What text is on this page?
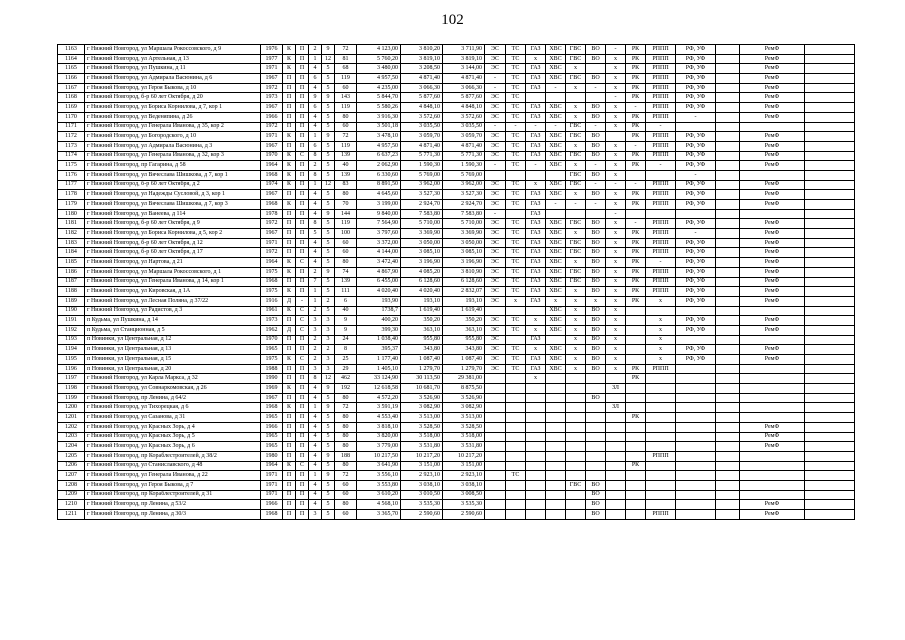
102
1163	г Нижний Новгород, ул Маршала Рокоссовского, д 9	1976	К	П	2	9	72	4 123,00	3 810,20	3 711,90	ЭС	ТС	ГАЗ	ХВС	ГВС	ВО	-	РК	РППП	РФ, УФ		РемФ	
1164	г Нижний Новгород, ул Артельная, д 13	1977	К	П	1	12	81	5 760,20	3 819,10	3 819,10	ЭС	ТС	х	ХВС	ГВС	ВО	х	РК	РППП	РФ, УФ		РемФ	
1165	г Нижний Новгород, ул Пушкина, д 11	1971	К	П	4	5	68	3 480,00	3 208,50	3 144,00	ЭС	ТС	ГАЗ	ХВС	х		х	РК	РППП	РФ, УФ		РемФ	
1166	г Нижний Новгород, ул Адмирала Васюнина, д 6	1967	П	П	6	5	119	4 957,50	4 871,40	4 871,40	-	ТС	ГАЗ	ХВС	ГВС	ВО	х	РК	РППП	РФ, УФ		РемФ	
1167	г Нижний Новгород, ул Героя Быкова, д 10	1972	П	П	4	5	60	4 235,00	3 066,30	3 066,30	-	ТС	ГАЗ	-	х	-	х	РК	РППП	РФ, УФ		РемФ	
1168	г Нижний Новгород, б-р 60 лет Октября, д 20	1973	П	П	9	9	143	5 844,70	5 877,60	5 877,60	ЭС	ТС					-	РК	РППП	РФ, УФ		РемФ	
1169	г Нижний Новгород, ул Бориса Корнилова, д 7, кор 1	1967	П	П	6	5	119	5 580,26	4 848,10	4 848,10	ЭС	ТС	ГАЗ	ХВС	х	ВО	х	-	РППП	РФ, УФ		РемФ	
1170	г Нижний Новгород, ул Веденяпина, д 26	1966	П	П	4	5	80	3 916,30	3 572,60	3 572,60	ЭС	ТС	ГАЗ	ХВС	х	ВО	х	РК	РППП	-		РемФ	
1171	г Нижний Новгород, ул Генерала Иванова, д 35, кор 2	1972	П	П	4	5	60	3 501,18	3 035,50	3 035,50	-	-	-	-	ГВС	-	х	РК	-				
1172	г Нижний Новгород, ул Богородского, д 10	1971	К	П	1	9	72	3 478,10	3 059,70	3 059,70	ЭС	ТС	ГАЗ	ХВС	ГВС	ВО		РК	РППП	РФ, УФ		РемФ	
1173	г Нижний Новгород, ул Адмирала Васюнина, д 3	1967	П	П	6	5	119	4 957,50	4 871,40	4 871,40	ЭС	ТС	ГАЗ	ХВС	х	ВО	х	-	РППП	РФ, УФ		РемФ	
1174	г Нижний Новгород, ул Генерала Иванова, д 32, кор 3	1970	К	С	8	5	139	6 637,23	5 771,30	5 771,30	ЭС	ТС	ГАЗ	ХВС	ГВС	ВО	х	РК	РППП	РФ, УФ		РемФ	
1175	г Нижний Новгород, пр Гагарина, д 58	1964	К	П	2	5	40	2 062,90	1 590,30	1 590,30	-	ТС	-	ХВС	х	-	х	РК	-	РФ, УФ		РемФ	
1176	г Нижний Новгород, ул Вячеслава Шишкова, д 7, кор 1	1968	К	П	8	5	139	6 330,60	5 769,00	5 769,00					ГВС	ВО	х			-			
1177	г Нижний Новгород, б-р 60 лет Октября, д 2	1974	К	П	1	12	83	8 891,50	3 962,00	3 962,00	ЭС	ТС	х	ХВС	ГВС	-	-	-	РППП	РФ, УФ		РемФ	
1178	г Нижний Новгород, ул Надежды Сусловой, д 3, кор 1	1967	П	П	4	5	80	4 645,60	3 527,30	3 527,30	ЭС	ТС	ГАЗ	ХВС	х	ВО	х	РК	РППП	РФ, УФ		РемФ	
1179	г Нижний Новгород, ул Вячеслава Шишкова, д 7, кор 3	1968	К	П	4	5	70	3 199,00	2 924,70	2 924,70	ЭС	ТС	ГАЗ	-	-	-	х	РК	РППП	РФ, УФ		РемФ	
1180	г Нижний Новгород, ул Ванеева, д 114	1978	П	П	4	9	144	9 840,00	7 583,80	7 583,80	-		ГАЗ				-						
1181	г Нижний Новгород, б-р 60 лет Октября, д 9	1972	П	П	8	5	119	7 564,90	5 710,00	5 710,00	ЭС	ТС	ГАЗ	ХВС	ГВС	ВО	х	-	РППП	РФ, УФ		РемФ	
1182	г Нижний Новгород, ул Бориса Корнилова, д 5, кор 2	1967	П	П	5	5	100	3 797,60	3 369,90	3 369,90	ЭС	ТС	ГАЗ	ХВС	х	ВО	х	РК	РППП	-		РемФ	
1183	г Нижний Новгород, б-р 60 лет Октября, д 12	1971	П	П	4	5	60	3 372,00	3 050,00	3 050,00	ЭС	ТС	ГАЗ	ХВС	ГВС	ВО	х	РК	РППП	РФ, УФ		РемФ	
1184	г Нижний Новгород, б-р 60 лет Октября, д 17	1972	П	П	4	5	60	4 144,00	3 085,10	3 085,10	ЭС	ТС	ГАЗ	ХВС	ГВС	ВО	х	РК	РППП	РФ, УФ		РемФ	
1185	г Нижний Новгород, ул Нартова, д 21	1964	К	С	4	5	80	3 472,40	3 196,90	3 196,90	ЭС	ТС	ГАЗ	ХВС	х	ВО	х	РК	-	РФ, УФ		РемФ	
1186	г Нижний Новгород, ул Маршала Рокоссовского, д 1	1975	К	П	2	9	74	4 867,90	4 085,20	3 810,90	ЭС	ТС	ГАЗ	ХВС	ГВС	ВО	х	РК	РППП	РФ, УФ		РемФ	
1187	г Нижний Новгород, ул Генерала Иванова, д 14, кор 1	1968	П	П	7	5	139	6 455,00	6 128,60	6 128,60	ЭС	ТС	ГАЗ	ХВС	ГВС	ВО	х	РК	РППП	РФ, УФ		РемФ	
1188	г Нижний Новгород, ул Кировская, д 1А	1975	К	П	1	5	111	4 020,40	4 020,40	2 832,07	ЭС	ТС	ГАЗ	ХВС	х	ВО	х	РК	РППП	РФ, УФ		РемФ	
1189	г Нижний Новгород, ул Лесная Поляна, д 37/22	1916	Д	-	1	2	6	193,90	193,10	193,10	ЭС	х	ГАЗ	х	х	х	х	РК	х	РФ, УФ		РемФ	
1190	г Нижний Новгород, ул Радистов, д 3	1961	К	С	2	5	40	1738,7	1 619,40	1 619,40				ХВС	х	ВО	х						
1191	п Кудьма, ул Пушкина, д 14	1973	П	С	3	3	9	400,20	350,20	350,20	ЭС	ТС	х	ХВС	х	ВО	х		х	РФ, УФ		РемФ	
1192	п Кудьма, ул Станционная, д 5	1962	Д	С	3	3	9	399,30	363,10	363,10	ЭС	ТС	х	ХВС	х	ВО	х		х	РФ, УФ		РемФ	
1193	п Новинки, ул Центральная, д 12	1970	П	П	2	3	24	1 038,40	955,80	955,80	ЭС		ГАЗ		х	ВО	х		х				
1194	п Новинки, ул Центральная, д 13	1965	П	П	2	2	8	395,37	343,80	343,80	ЭС	ТС	х	ХВС	х	ВО	х		х	РФ, УФ		РемФ	
1195	п Новинки, ул Центральная, д 15	1975	К	С	2	3	25	1 177,40	1 087,40	1 087,40	ЭС	ТС	ГАЗ	ХВС	х	ВО	х		х	РФ, УФ		РемФ	
1196	п Новинки, ул Центральная, д 20	1988	П	П	3	3	29	1 405,10	1 279,70	1 279,70	ЭС	ТС	ГАЗ	ХВС	х	ВО	х	РК	РППП				
1197	г Нижний Новгород, ул Карла Маркса, д 32	1990	П	П	8	12	462	33 124,90	30 113,50	29 381,00			х					РК					
1198	г Нижний Новгород, ул Совнаркомовская, д 26	1969	К	П	4	9	192	12 618,58	10 681,70	8 875,50							ЗЛ						
1199	г Нижний Новгород, пр Ленина, д 64/2	1967	П	П	4	5	80	4 572,20	3 526,90	3 526,90						ВО							
1200	г Нижний Новгород, ул Тихорецкая, д 6	1968	К	П	1	9	72	3 591,19	3 082,90	3 082,90							ЗЛ						
1201	г Нижний Новгород, ул Сазанова, д 31	1965	П	П	4	5	80	4 553,40	3 513,00	3 513,00								РК					
1202	г Нижний Новгород, ул Красных Зорь, д 4	1966	П	П	4	5	80	3 818,10	3 528,50	3 528,50												РемФ	
1203	г Нижний Новгород, ул Красных Зорь, д 5	1965	П	П	4	5	80	3 820,00	3 518,00	3 518,00												РемФ	
1204	г Нижний Новгород, ул Красных Зорь, д 6	1965	П	П	4	5	80	3 779,00	3 531,80	3 531,80												РемФ	
1205	г Нижний Новгород, пр Кораблестроителей, д 38/2	1980	П	П	4	9	188	10 217,50	10 217,20	10 217,20									РППП				
1206	г Нижний Новгород, ул Станиславского, д 48	1964	К	С	4	5	80	3 641,90	3 151,00	3 151,00								РК					
1207	г Нижний Новгород, ул Генерала Иванова, д 22	1971	П	П	1	9	72	3 556,10	2 923,10	2 923,10		ТС											
1208	г Нижний Новгород, ул Героя Быкова, д 7	1971	П	П	4	5	60	3 553,80	3 038,10	3 038,10					ГВС	ВО							
1209	г Нижний Новгород, пр Кораблестроителей, д 31	1971	П	П	4	5	60	3 610,20	3 010,50	3 008,50						ВО							
1210	г Нижний Новгород, пр Ленина, д 53/2	1966	П	П	4	5	80	4 568,10	3 535,30	3 535,30						ВО						РемФ	
1211	г Нижний Новгород, пр Ленина, д 30/3	1968	П	П	3	5	60	3 365,70	2 590,60	2 590,60						ВО			РППП			РемФ	
